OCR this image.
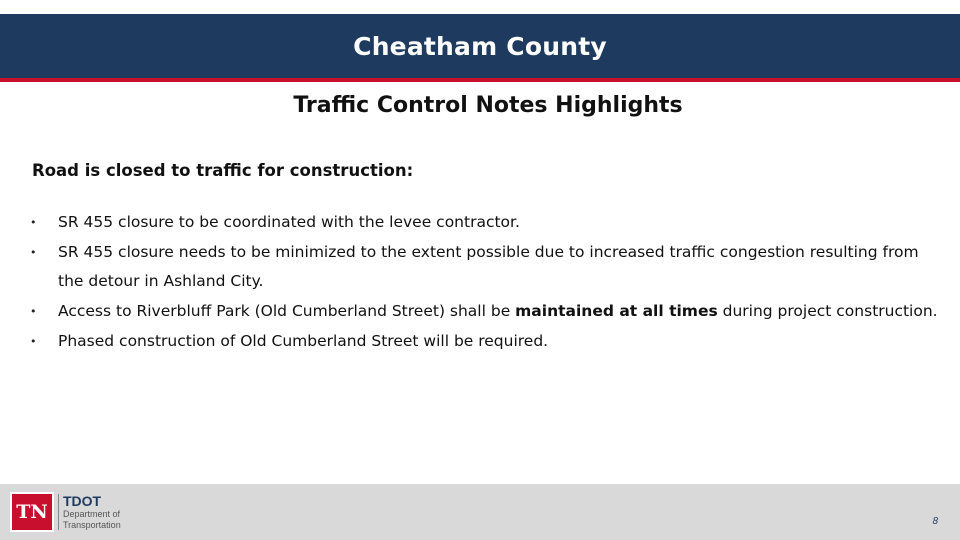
Cheatham County
Traffic Control Notes Highlights
Road is closed to traffic for construction:
• SR 455 closure to be coordinated with the levee contractor.
• SR 455 closure needs to be minimized to the extent possible due to increased traffic congestion resulting from the detour in Ashland City.
• Access to Riverbluff Park (Old Cumberland Street) shall be maintained at all times during project construction.
• Phased construction of Old Cumberland Street will be required.
TN	TDOT
Department of
Transportation	8
